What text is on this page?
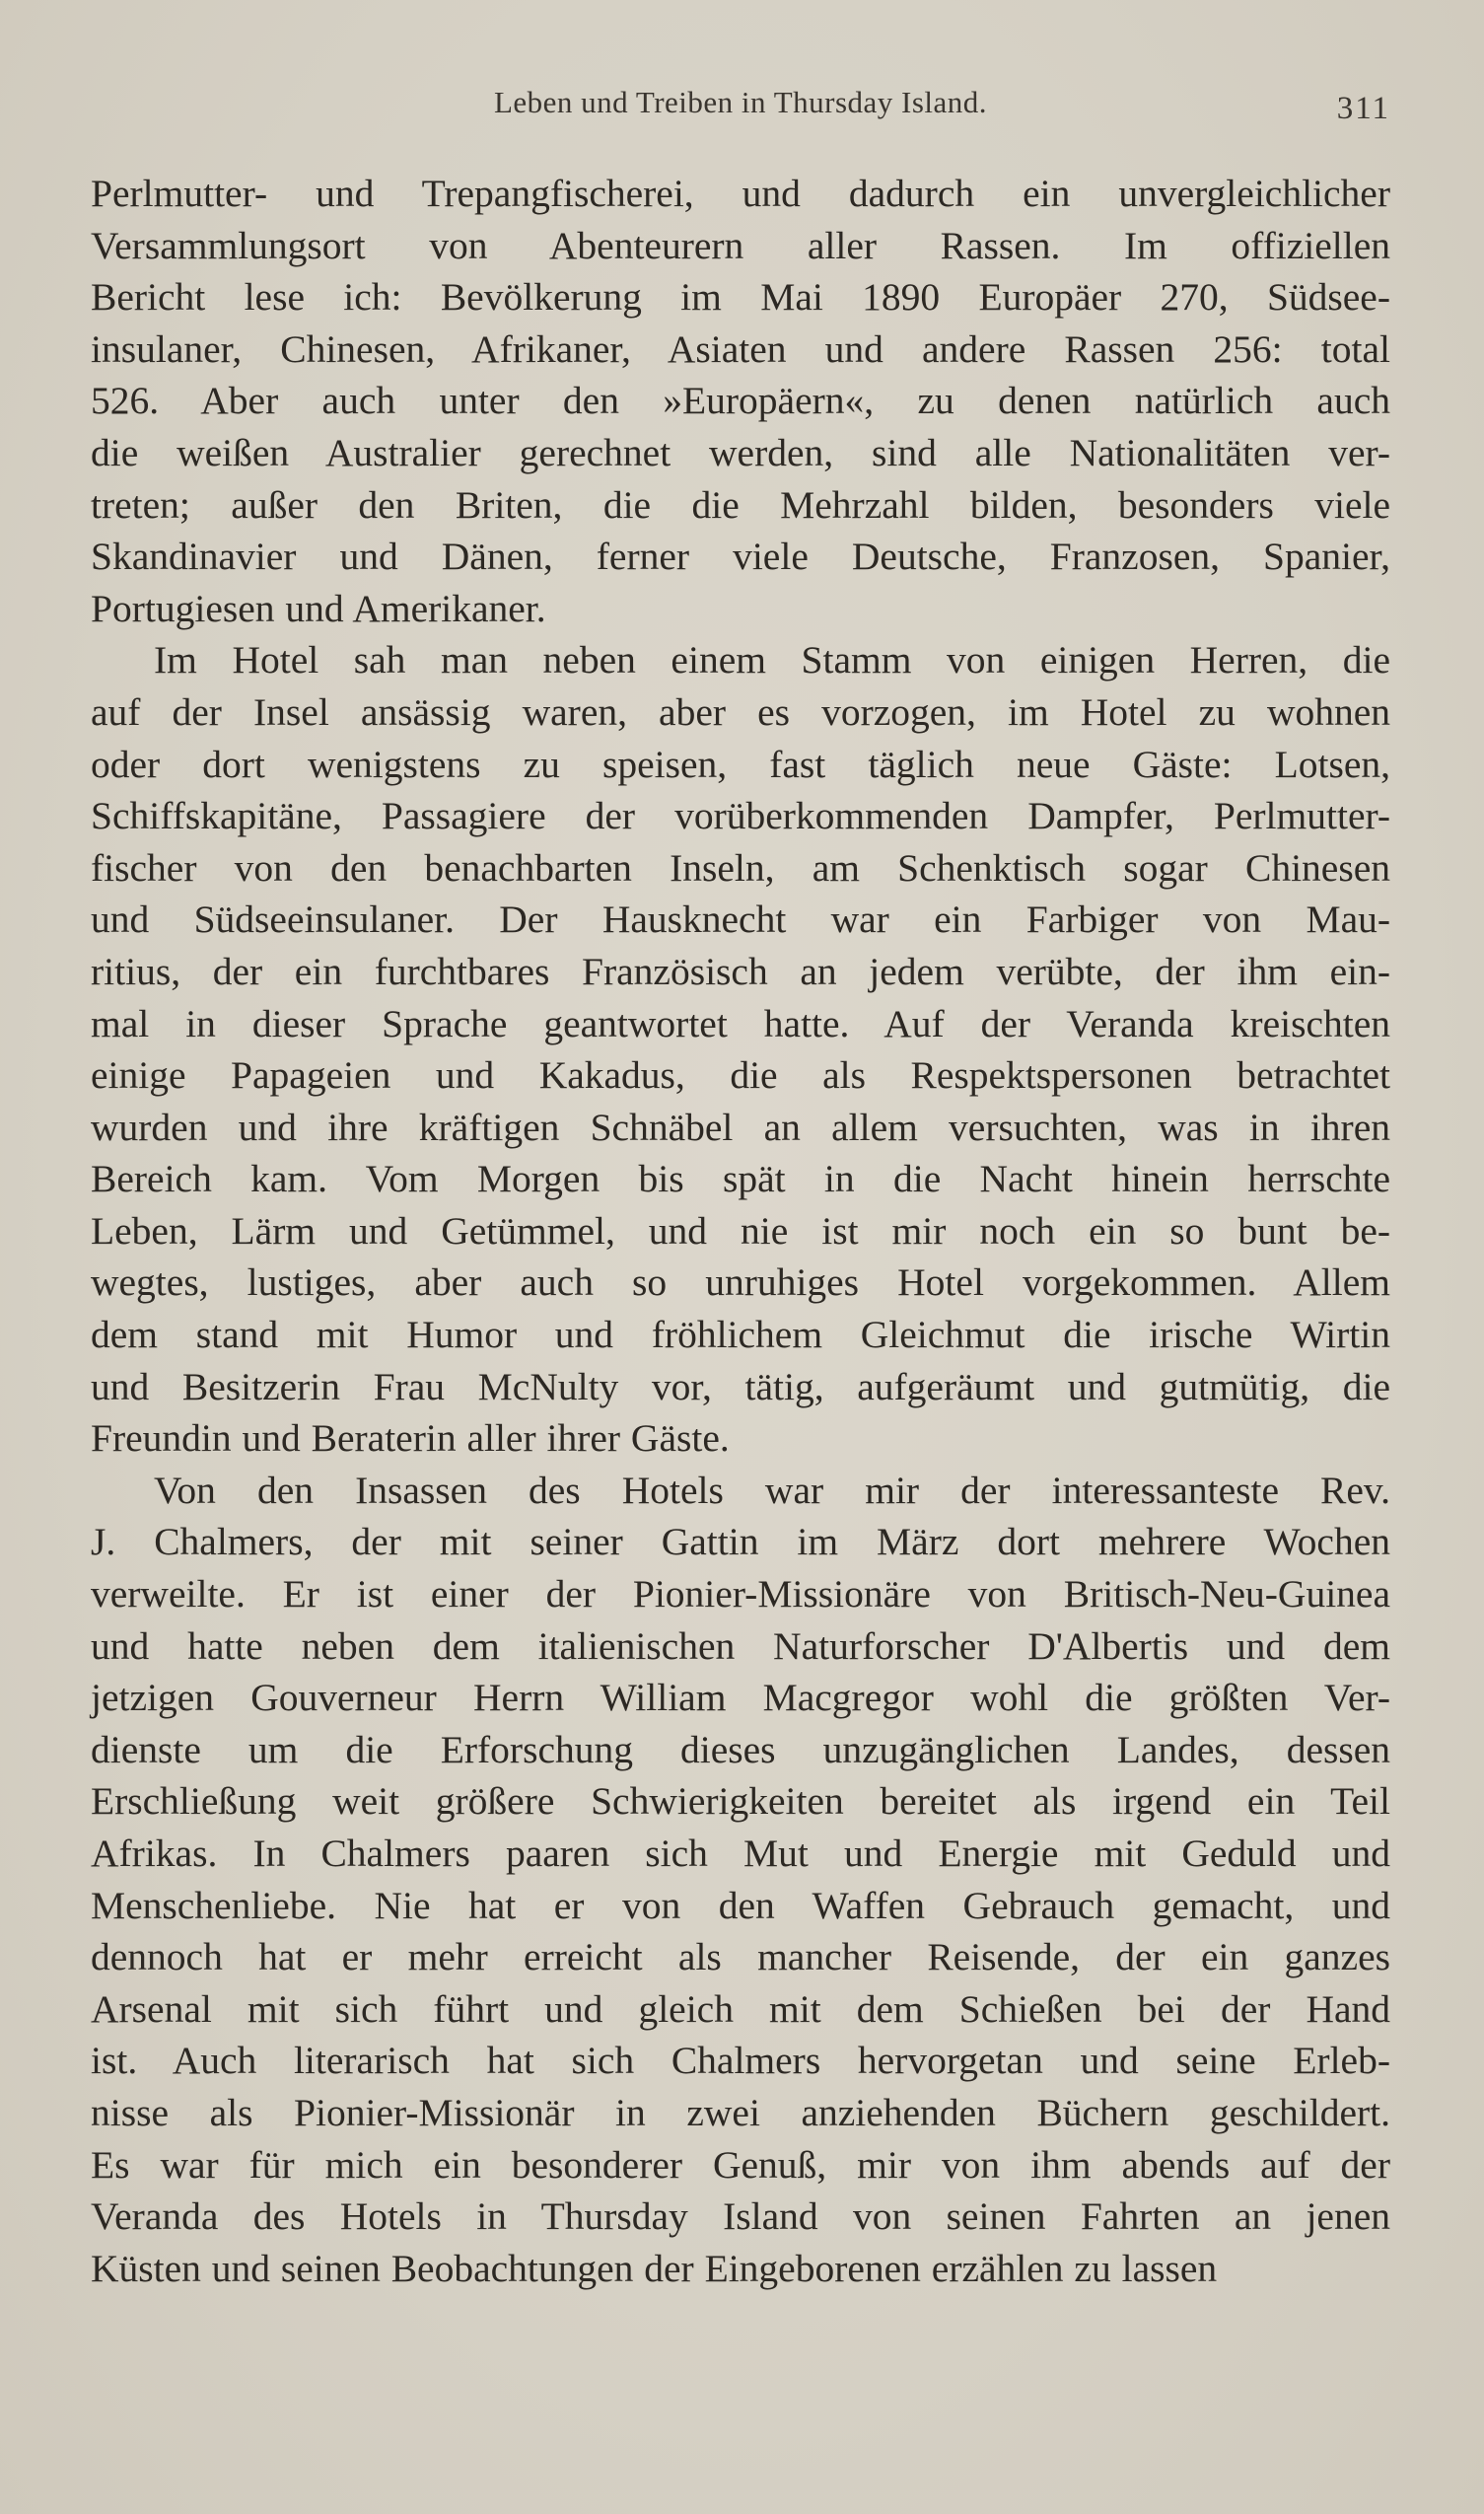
Leben und Treiben in Thursday Island.	311

Perlmutter- und Trepangfischerei, und dadurch ein unvergleichlicher

Versammlungsort von Abenteurern aller Rassen. Im offiziellen

Bericht lese ich: Bevölkerung im Mai 1890 Europäer 270, Südsee-

insulaner, Chinesen, Afrikaner, Asiaten und andere Rassen 256: total

526. Aber auch unter den »Europäern«, zu denen natürlich auch

die weißen Australier gerechnet werden, sind alle Nationalitäten ver-

treten; außer den Briten, die die Mehrzahl bilden, besonders viele

Skandinavier und Dänen, ferner viele Deutsche, Franzosen, Spanier,

Portugiesen und Amerikaner.

Im Hotel sah man neben einem Stamm von einigen Herren, die

auf der Insel ansässig waren, aber es vorzogen, im Hotel zu wohnen

oder dort wenigstens zu speisen, fast täglich neue Gäste: Lotsen,

Schiffskapitäne, Passagiere der vorüberkommenden Dampfer, Perlmutter-

fischer von den benachbarten Inseln, am Schenktisch sogar Chinesen

und Südseeinsulaner. Der Hausknecht war ein Farbiger von Mau-

ritius, der ein furchtbares Französisch an jedem verübte, der ihm ein-

mal in dieser Sprache geantwortet hatte. Auf der Veranda kreischten

einige Papageien und Kakadus, die als Respektspersonen betrachtet

wurden und ihre kräftigen Schnäbel an allem versuchten, was in ihren

Bereich kam. Vom Morgen bis spät in die Nacht hinein herrschte

Leben, Lärm und Getümmel, und nie ist mir noch ein so bunt be-

wegtes, lustiges, aber auch so unruhiges Hotel vorgekommen. Allem

dem stand mit Humor und fröhlichem Gleichmut die irische Wirtin

und Besitzerin Frau McNulty vor, tätig, aufgeräumt und gutmütig, die

Freundin und Beraterin aller ihrer Gäste.

Von den Insassen des Hotels war mir der interessanteste Rev.

J. Chalmers, der mit seiner Gattin im März dort mehrere Wochen

verweilte. Er ist einer der Pionier-Missionäre von Britisch-Neu-Guinea

und hatte neben dem italienischen Naturforscher D'Albertis und dem

jetzigen Gouverneur Herrn William Macgregor wohl die größten Ver-

dienste um die Erforschung dieses unzugänglichen Landes, dessen

Erschließung weit größere Schwierigkeiten bereitet als irgend ein Teil

Afrikas. In Chalmers paaren sich Mut und Energie mit Geduld und

Menschenliebe. Nie hat er von den Waffen Gebrauch gemacht, und

dennoch hat er mehr erreicht als mancher Reisende, der ein ganzes

Arsenal mit sich führt und gleich mit dem Schießen bei der Hand

ist. Auch literarisch hat sich Chalmers hervorgetan und seine Erleb-

nisse als Pionier-Missionär in zwei anziehenden Büchern geschildert.

Es war für mich ein besonderer Genuß, mir von ihm abends auf der

Veranda des Hotels in Thursday Island von seinen Fahrten an jenen

Küsten und seinen Beobachtungen der Eingeborenen erzählen zu lassen
